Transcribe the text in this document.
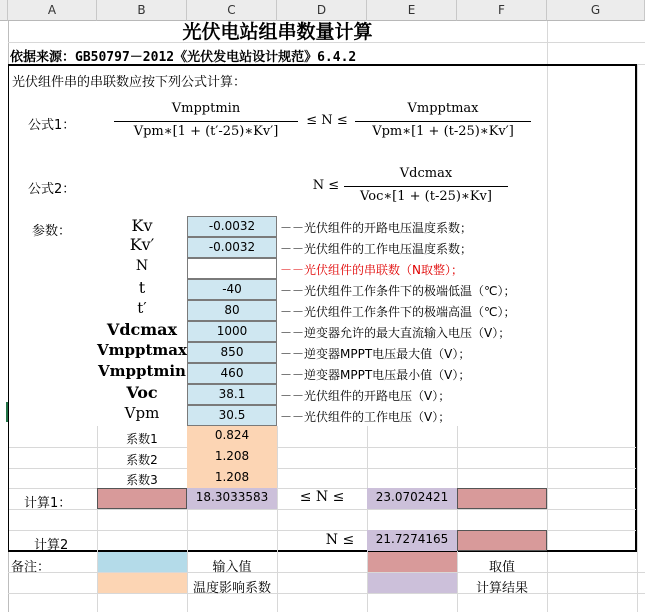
A	B	C	D	E	F	G
光伏电站组串数量计算
依据来源：GB50797－2012《光伏发电站设计规范》6.4.2
光伏组件串的串联数应按下列公式计算：
公式1：
Vmpptmin
Vpm∗[1 + (t′-25)∗Kv′]
≤ N ≤
Vmpptmax
Vpm∗[1 + (t-25)∗Kv′]
公式2：	N ≤
Vdcmax
Voc∗[1 + (t-25)∗Kv]
参数：	Kv	-0.0032	－－光伏组件的开路电压温度系数；
Kv′	-0.0032	－－光伏组件的工作电压温度系数；
N	－－光伏组件的串联数（N取整）；
t	-40	－－光伏组件工作条件下的极端低温（℃）；
t′	80	－－光伏组件工作条件下的极端高温（℃）；
Vdcmax	1000	－－逆变器允许的最大直流输入电压（V）；
Vmpptmax	850	－－逆变器MPPT电压最大值（V）；
Vmpptmin	460	－－逆变器MPPT电压最小值（V）；
Voc	38.1	－－光伏组件的开路电压（V）；
Vpm	30.5	－－光伏组件的工作电压（V）；
系数1	0.824
系数2	1.208
系数3	1.208
计算1：	18.3033583	≤ N ≤	23.0702421
计算2	N ≤	21.7274165
备注：	输入值	取值
温度影响系数	计算结果
